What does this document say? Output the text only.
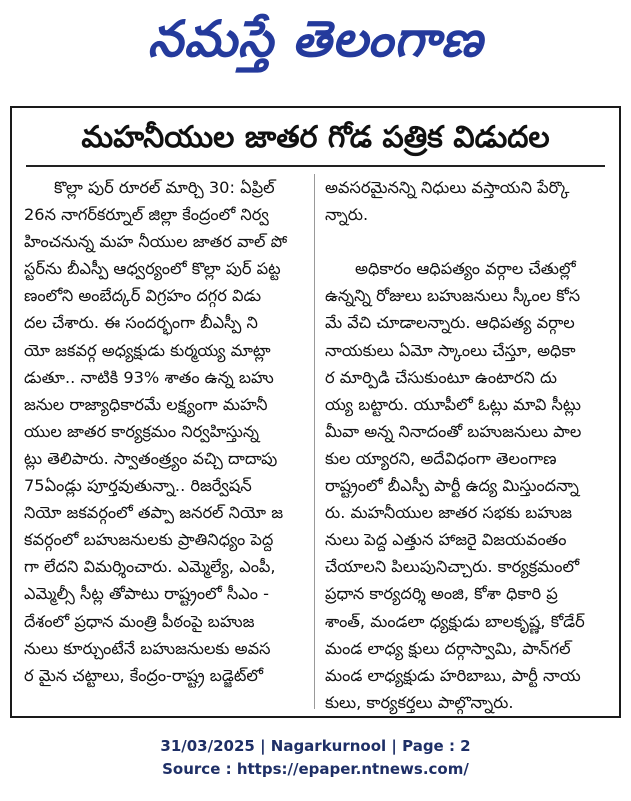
నమస్తే తెలంగాణ
మహనీయుల జాతర గోడ పత్రిక విడుదల
కొల్లా పుర్ రూరల్ మార్చి 30: ఏప్రిల్
26న నాగర్‌కర్నూల్ జిల్లా కేంద్రంలో నిర్వ
హించనున్న మహ నీయుల జాతర వాల్ పో
స్టర్‌ను బీఎస్పీ ఆధ్వర్యంలో కొల్లా పుర్ పట్ట
ణంలోని అంబేద్కర్ విగ్రహం దగ్గర విడు
దల చేశారు. ఈ సందర్భంగా బీఎస్పీ ని
యో జకవర్గ అధ్యక్షుడు కుర్మయ్య మాట్లా
డుతూ.. నాటికి 93% శాతం ఉన్న బహు
జనుల రాజ్యాధికారమే లక్ష్యంగా మహనీ
యుల జాతర కార్యక్రమం నిర్వహిస్తున్న
ట్లు తెలిపారు. స్వాతంత్ర్యం వచ్చి దాదాపు
75ఏండ్లు పూర్తవుతున్నా.. రిజర్వేషన్
నియో జకవర్గంలో తప్పా జనరల్ నియో జ
కవర్గంలో బహుజనులకు ప్రాతినిధ్యం పెద్ద
గా లేదని విమర్శించారు. ఎమ్మెల్యే, ఎంపీ,
ఎమ్మెల్సీ సీట్ల తోపాటు రాష్ట్రంలో సీఎం -
దేశంలో ప్రధాన మంత్రి పీఠంపై బహుజ
నులు కూర్చుంటేనే బహుజనులకు అవస
ర మైన చట్టాలు, కేంద్రం-రాష్ట్ర బడ్జెట్‌లో
అవసరమైనన్ని నిధులు వస్తాయని పేర్కొ
న్నారు.

అధికారం ఆధిపత్యం వర్గాల చేతుల్లో
ఉన్నన్ని రోజులు బహుజనులు స్కీంల కోస
మే వేచి చూడాలన్నారు. ఆధిపత్య వర్గాల
నాయకులు ఏమో స్కాంలు చేస్తూ, అధికా
ర మార్పిడి చేసుకుంటూ ఉంటారని దు
య్య బట్టారు. యూపీలో ఓట్లు మావి సీట్లు
మీవా అన్న నినాదంతో బహుజనులు పాల
కుల య్యారని, అదేవిధంగా తెలంగాణ
రాష్ట్రంలో బీఎస్పీ పార్టీ ఉద్య మిస్తుందన్నా
రు. మహనీయుల జాతర సభకు బహుజ
నులు పెద్ద ఎత్తున హాజరై విజయవంతం
చేయాలని పిలుపునిచ్చారు. కార్యక్రమంలో
ప్రధాన కార్యదర్శి అంజి, కోశా ధికారి ప్ర
శాంత్, మండలా ధ్యక్షుడు బాలకృష్ణ, కోడేర్
మండ లాధ్య క్షులు దర్గాస్వామి, పాన్‌గల్
మండ లాధ్యక్షుడు హరిబాబు, పార్టీ నాయ
కులు, కార్యకర్తలు పాల్గొన్నారు.
31/03/2025 | Nagarkurnool | Page : 2
Source : https://epaper.ntnews.com/
